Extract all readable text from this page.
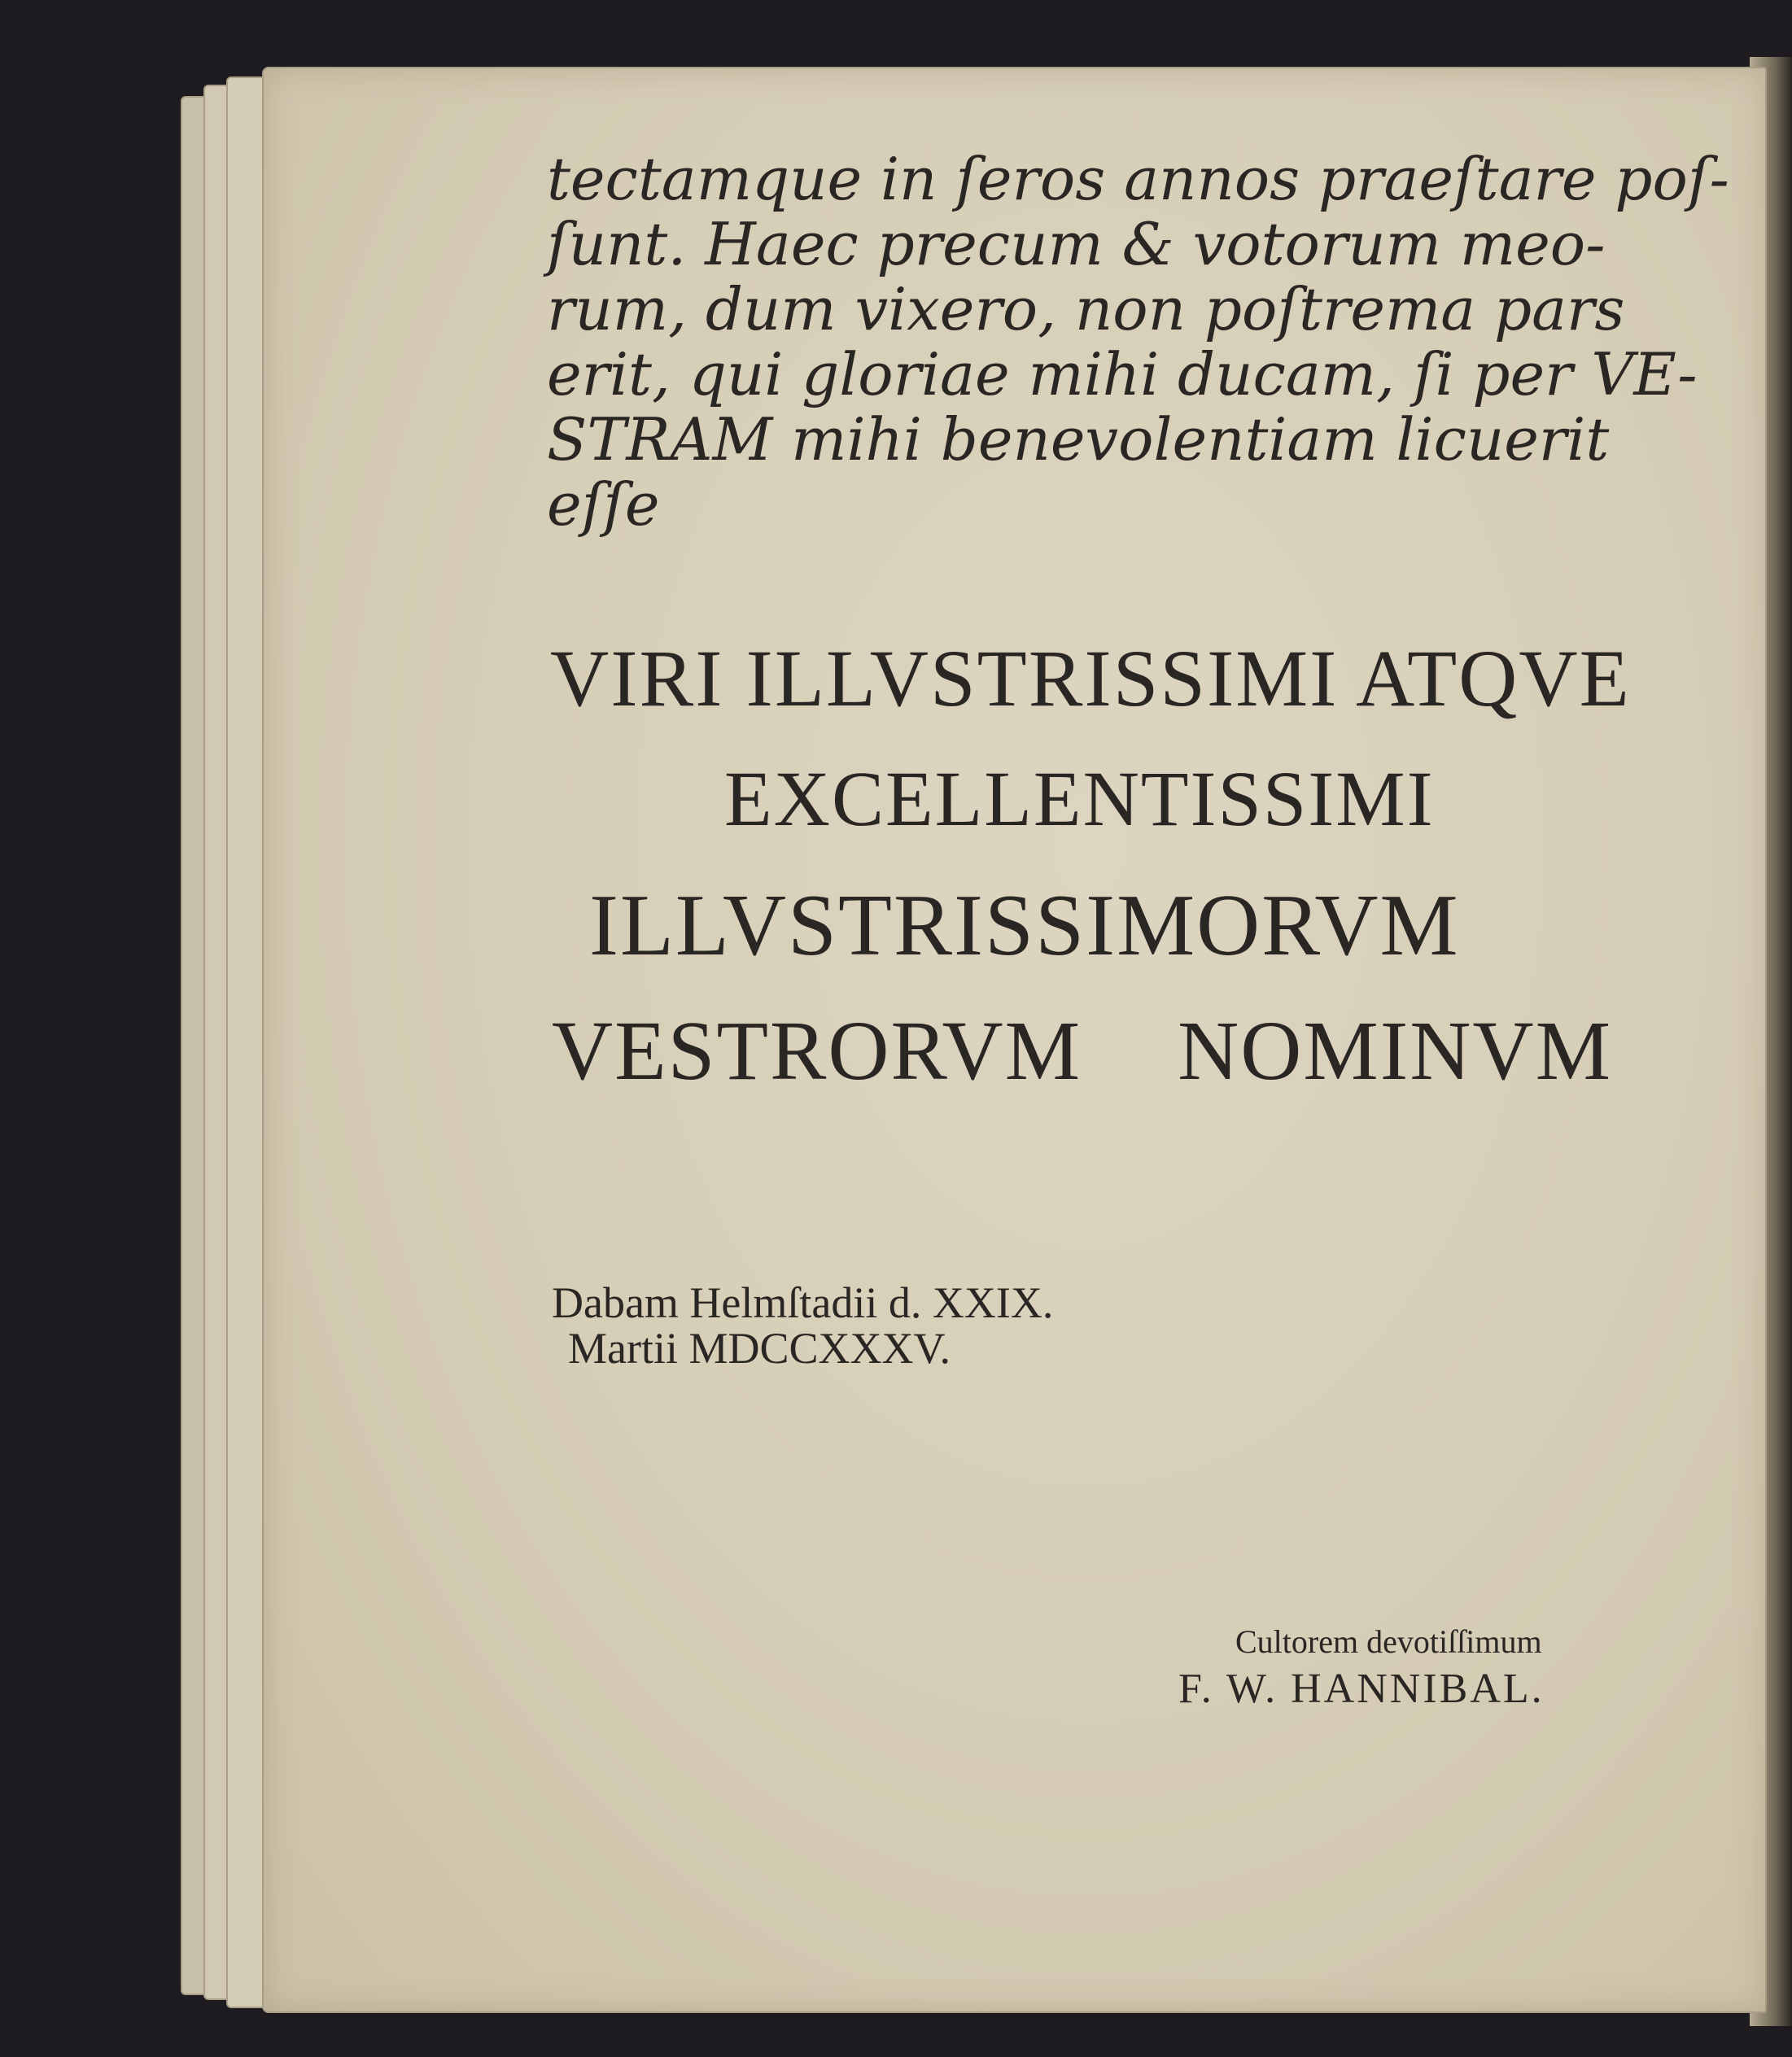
tectamque in ſeros annos praeſtare poſ-
ſunt. Haec precum & votorum meo-
rum, dum vixero, non poſtrema pars
erit, qui gloriae mihi ducam, ſi per VE-
STRAM mihi benevolentiam licuerit
eſſe
VIRI ILLVSTRISSIMI ATQVE
EXCELLENTISSIMI
ILLVSTRISSIMORVM
VESTRORVM NOMINVM
Dabam Helmſtadii d. XXIX.
Martii MDCCXXXV.
Cultorem devotiſſimum
F. W. HANNIBAL.
